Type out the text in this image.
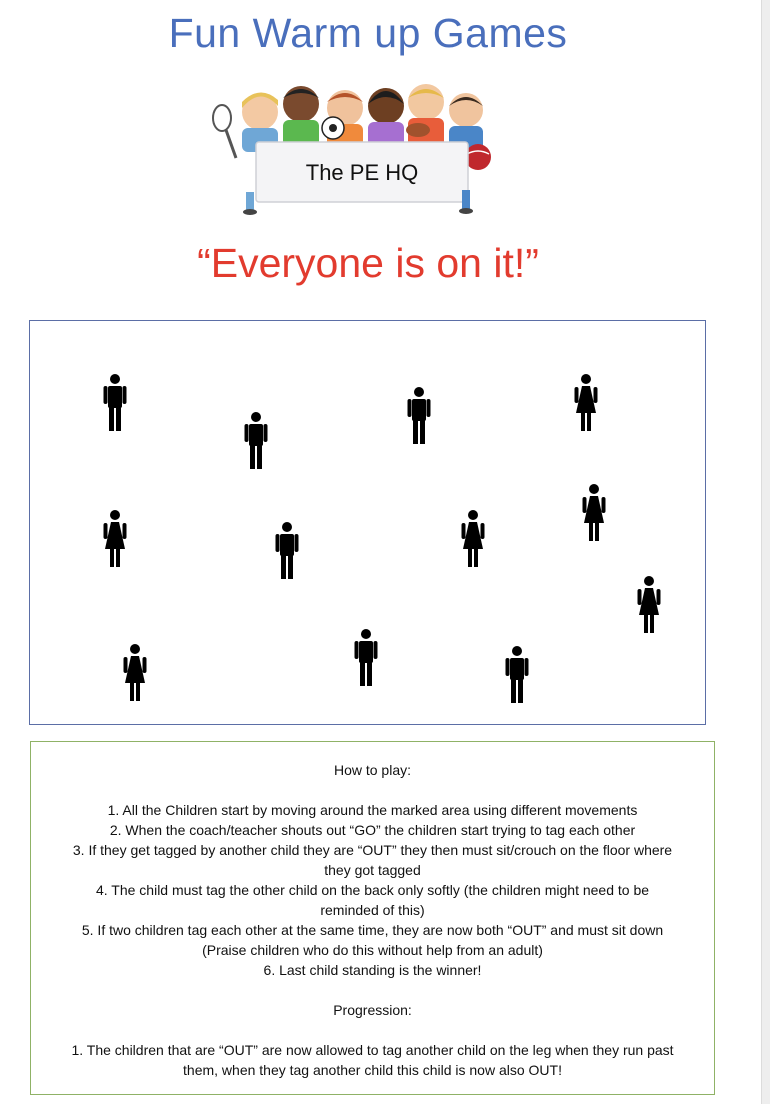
Fun Warm up Games
The PE HQ
“Everyone is on it!”
How to play:
1. All the Children start by moving around the marked area using different movements
2. When the coach/teacher shouts out “GO” the children start trying to tag each other
3. If they get tagged by another child they are “OUT” they then must sit/crouch on the floor where they got tagged
4. The child must tag the other child on the back only softly (the children might need to be reminded of this)
5. If two children tag each other at the same time, they are now both “OUT” and must sit down (Praise children who do this without help from an adult)
6. Last child standing is the winner!
Progression:
1. The children that are “OUT” are now allowed to tag another child on the leg when they run past them, when they tag another child this child is now also OUT!
